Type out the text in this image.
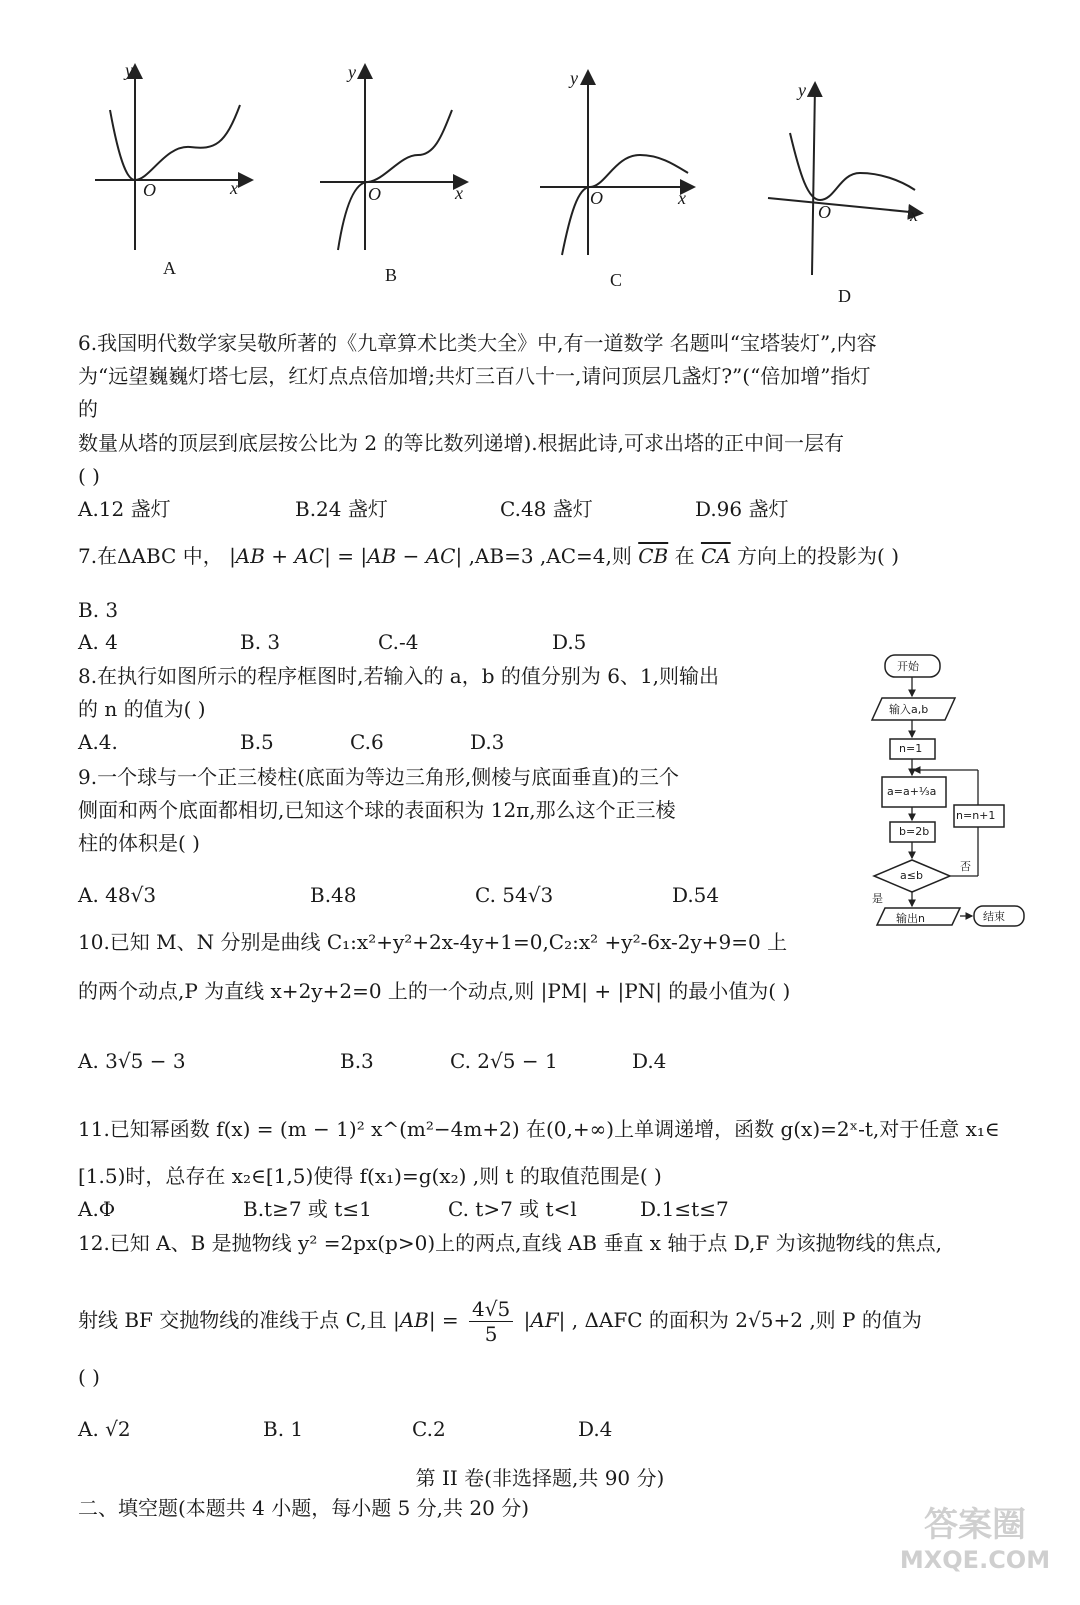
y
O	x
A
y
O	x
B
y
O	x
C
y
O	x
D
6.我国明代数学家吴敬所著的《九章算术比类大全》中,有一道数学 名题叫“宝塔装灯”,内容
为“远望巍巍灯塔七层，红灯点点倍加增;共灯三百八十一,请问顶层几盏灯?”(“倍加增”指灯
的
数量从塔的顶层到底层按公比为 2 的等比数列递增).根据此诗,可求出塔的正中间一层有
( )
A.12 盏灯	B.24 盏灯	C.48 盏灯	D.96 盏灯
7.在ΔABC 中， |AB + AC| = |AB − AC| ,AB=3 ,AC=4,则 $\overline{CB}$ 在 $\overline{CA}$ 方向上的投影为( )
B. 3
A. 4	B. 3	C.-4	D.5
8.在执行如图所示的程序框图时,若输入的 a，b 的值分别为 6、1,则输出
的 n 的值为( )
A.4.	B.5	C.6	D.3
开始
输入a,b
n=1
a=a+⅓a
b=2b
a≤b
否
是
n=n+1
输出n	结束
9.一个球与一个正三棱柱(底面为等边三角形,侧棱与底面垂直)的三个
侧面和两个底面都相切,已知这个球的表面积为 12π,那么这个正三棱
柱的体积是( )
A. 48√3	B.48	C. 54√3	D.54
10.已知 M、N 分别是曲线 C₁:x²+y²+2x-4y+1=0,C₂:x² +y²-6x-2y+9=0 上
的两个动点,P 为直线 x+2y+2=0 上的一个动点,则 |PM| + |PN| 的最小值为( )
A. 3√5 − 3	B.3	C. 2√5 − 1	D.4
11.已知幂函数 f(x) = (m − 1)² x^(m²−4m+2) 在(0,+∞)上单调递增，函数 g(x)=2ˣ-t,对于任意 x₁∈
[1.5)时，总存在 x₂∈[1,5)使得 f(x₁)=g(x₂) ,则 t 的取值范围是( )
A.Φ	B.t≥7 或 t≤1	C. t>7 或 t<l	D.1≤t≤7
12.已知 A、B 是抛物线 y² =2px(p>0)上的两点,直线 AB 垂直 x 轴于点 D,F 为该抛物线的焦点,
射线 BF 交抛物线的准线于点 C,且 $|AB| = \frac{4√5}{5} |AF|$ , ΔAFC 的面积为 2√5+2 ,则 P 的值为
( )
A. √2	B. 1	C.2	D.4
第 II 卷(非选择题,共 90 分)
二、填空题(本题共 4 小题，每小题 5 分,共 20 分)	答案圈
MXQE.COM
